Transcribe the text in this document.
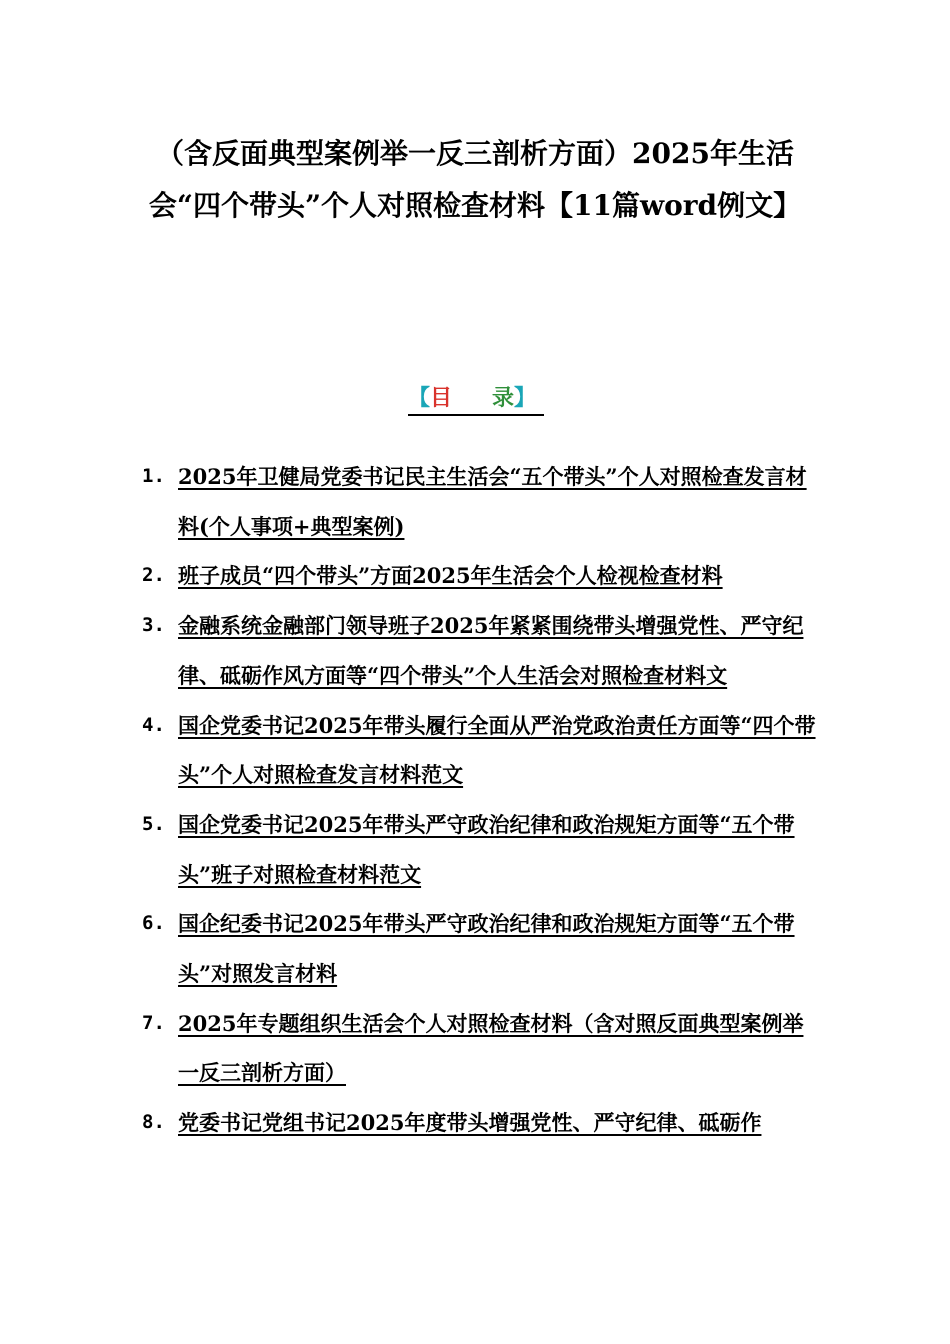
（含反面典型案例举一反三剖析方面）2025年生活会“四个带头”个人对照检查材料【11篇word例文】
【目 录】
1. 2025年卫健局党委书记民主生活会“五个带头”个人对照检查发言材料(个人事项+典型案例)
2. 班子成员“四个带头”方面2025年生活会个人检视检查材料
3. 金融系统金融部门领导班子2025年紧紧围绕带头增强党性、严守纪律、砥砺作风方面等“四个带头”个人生活会对照检查材料文
4. 国企党委书记2025年带头履行全面从严治党政治责任方面等“四个带头”个人对照检查发言材料范文
5. 国企党委书记2025年带头严守政治纪律和政治规矩方面等“五个带头”班子对照检查材料范文
6. 国企纪委书记2025年带头严守政治纪律和政治规矩方面等“五个带头”对照发言材料
7. 2025年专题组织生活会个人对照检查材料（含对照反面典型案例举一反三剖析方面）
8. 党委书记党组书记2025年度带头增强党性、严守纪律、砥砺作
